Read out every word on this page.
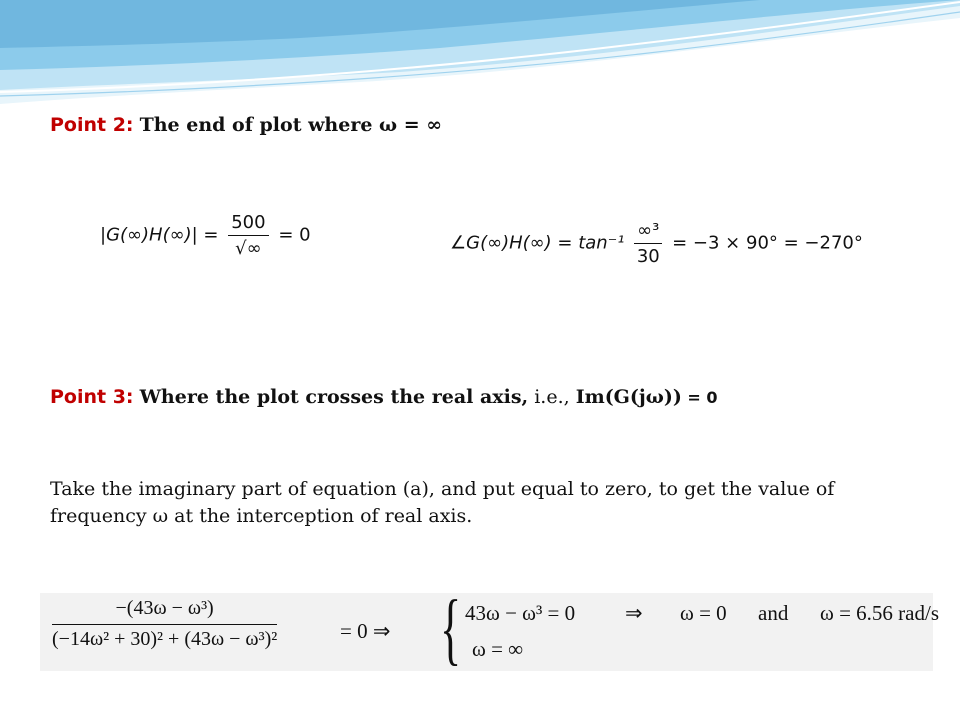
Point 2: The end of plot where ω = ∞
$|G(\infty)H(\infty)| = \frac{500}{√\infty} = 0$	∠G(∞)H(∞) = $\tan^{-1} \frac{\text{∞³}}{30} = -3 \times 90^\circ = -270^\circ$
Point 3: Where the plot crosses the real axis, i.e., Im(G(jω)) = 0
Take the imaginary part of equation (a), and put equal to zero, to get the value of frequency ω at the interception of real axis.
$\frac{\text{−(43ω − ω³)}}{\text{(−14ω² + 30)² + (43ω − ω³)²}}$	= 0 ⇒ { 43ω − ω³ = 0 ⇒ ω = 0 and ω = 6.56 rad/s
ω = ∞
